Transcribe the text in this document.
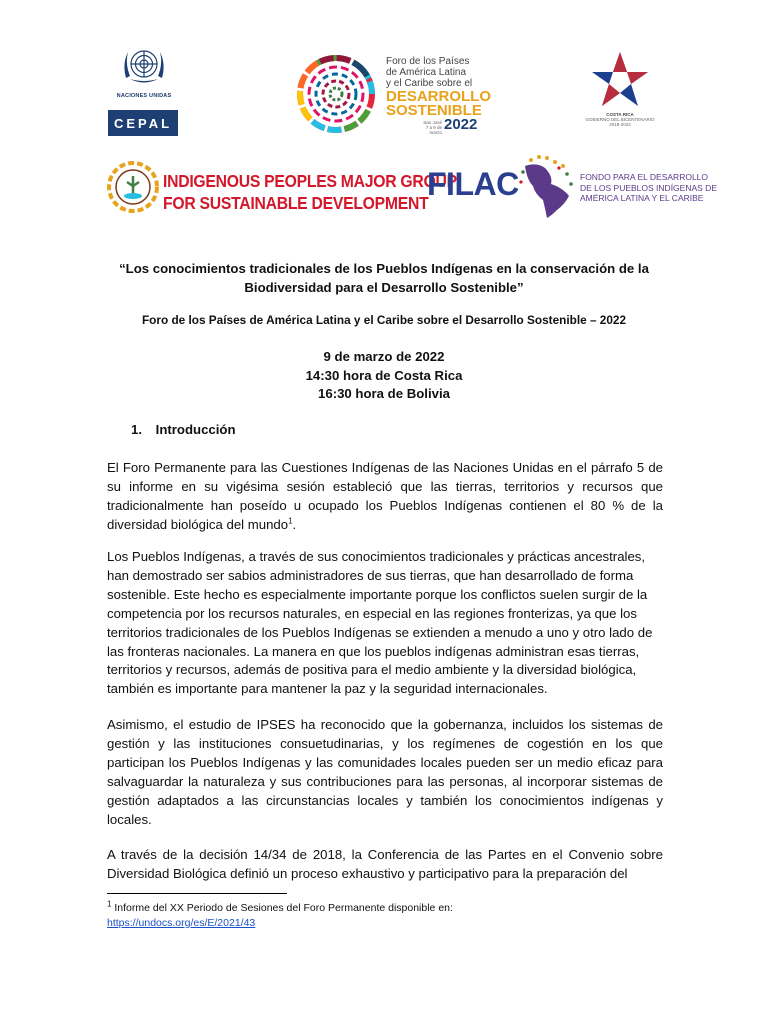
NACIONES UNIDAS
CEPAL
Foro de los Países
de América Latina
y el Caribe sobre el
DESARROLLO
SOSTENIBLE
San José
7 a 9 de marzo 2022
COSTA RICA
GOBIERNO DEL BICENTENARIO
2018-2022
INDIGENOUS PEOPLES MAJOR GROUP
FOR SUSTAINABLE DEVELOPMENT
FILAC	FONDO PARA EL DESARROLLO
DE LOS PUEBLOS INDÍGENAS DE
AMÉRICA LATINA Y EL CARIBE
“Los conocimientos tradicionales de los Pueblos Indígenas en la conservación de la
Biodiversidad para el Desarrollo Sostenible”
Foro de los Países de América Latina y el Caribe sobre el Desarrollo Sostenible – 2022
9 de marzo de 2022
14:30 hora de Costa Rica
16:30 hora de Bolivia
1. Introducción
El Foro Permanente para las Cuestiones Indígenas de las Naciones Unidas en el párrafo 5 de su informe en su vigésima sesión estableció que las tierras, territorios y recursos que tradicionalmente han poseído u ocupado los Pueblos Indígenas contienen el 80 % de la diversidad biológica del mundo$^1$.
Los Pueblos Indígenas, a través de sus conocimientos tradicionales y prácticas ancestrales, han demostrado ser sabios administradores de sus tierras, que han desarrollado de forma sostenible. Este hecho es especialmente importante porque los conflictos suelen surgir de la competencia por los recursos naturales, en especial en las regiones fronterizas, ya que los territorios tradicionales de los Pueblos Indígenas se extienden a menudo a uno y otro lado de las fronteras nacionales. La manera en que los pueblos indígenas administran esas tierras, territorios y recursos, además de positiva para el medio ambiente y la diversidad biológica, también es importante para mantener la paz y la seguridad internacionales.
Asimismo, el estudio de IPSES ha reconocido que la gobernanza, incluidos los sistemas de gestión y las instituciones consuetudinarias, y los regímenes de cogestión en los que participan los Pueblos Indígenas y las comunidades locales pueden ser un medio eficaz para salvaguardar la naturaleza y sus contribuciones para las personas, al incorporar sistemas de gestión adaptados a las circunstancias locales y también los conocimientos indígenas y locales.
A través de la decisión 14/34 de 2018, la Conferencia de las Partes en el Convenio sobre Diversidad Biológica definió un proceso exhaustivo y participativo para la preparación del
$^1$ Informe del XX Periodo de Sesiones del Foro Permanente disponible en:
https://undocs.org/es/E/2021/43
